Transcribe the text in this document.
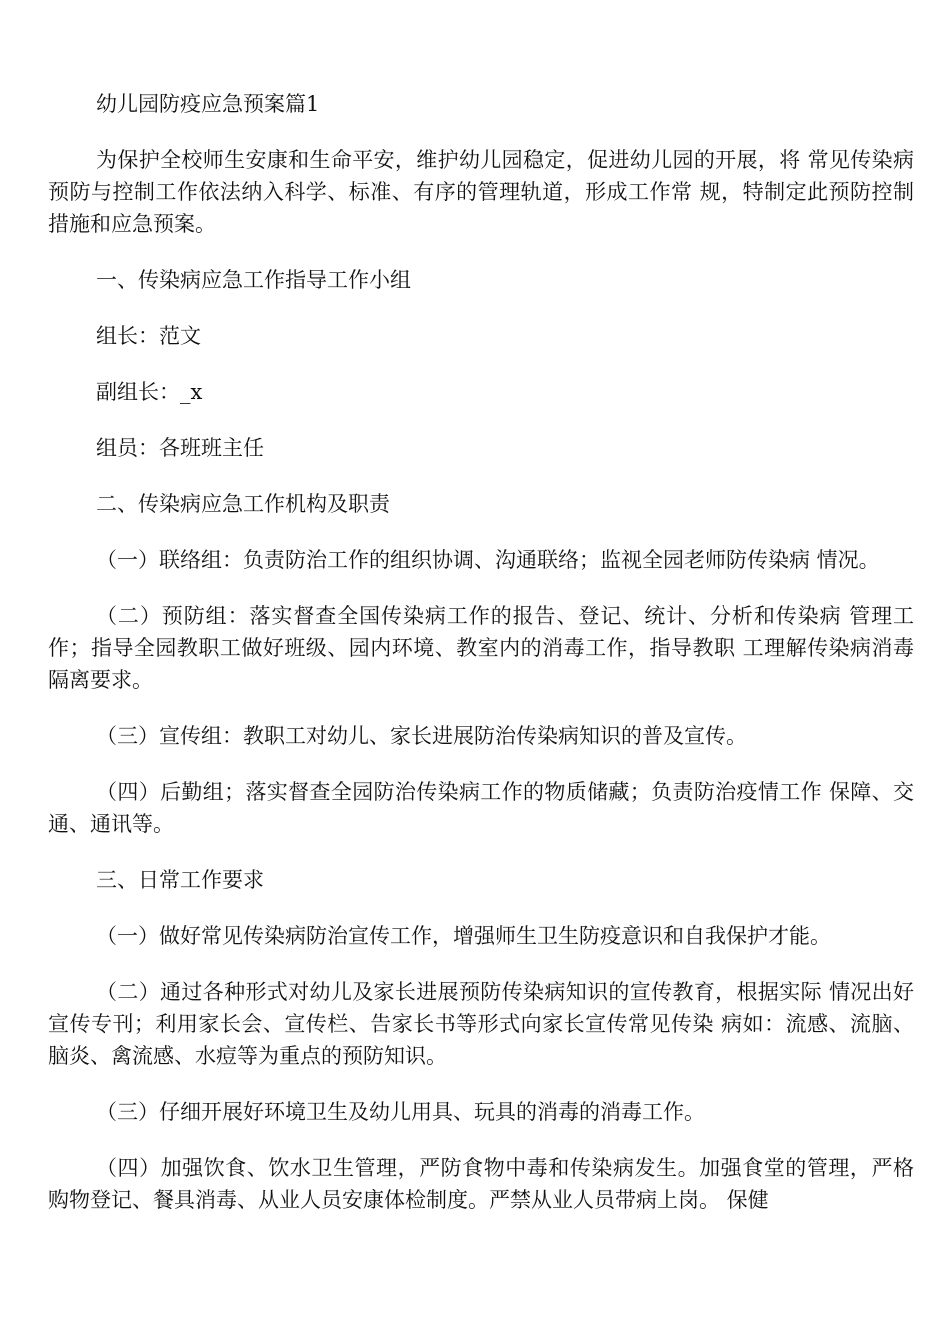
幼儿园防疫应急预案篇1

为保护全校师生安康和生命平安，维护幼儿园稳定，促进幼儿园的开展，将 常见传染病预防与控制工作依法纳入科学、标准、有序的管理轨道，形成工作常 规，特制定此预防控制措施和应急预案。

一、传染病应急工作指导工作小组

组长：范文

副组长：_x

组员：各班班主任

二、传染病应急工作机构及职责

（一）联络组：负责防治工作的组织协调、沟通联络；监视全园老师防传染病 情况。

（二）预防组：落实督查全国传染病工作的报告、登记、统计、分析和传染病 管理工作；指导全园教职工做好班级、园内环境、教室内的消毒工作，指导教职 工理解传染病消毒隔离要求。

（三）宣传组：教职工对幼儿、家长进展防治传染病知识的普及宣传。

（四）后勤组；落实督查全园防治传染病工作的物质储藏；负责防治疫情工作 保障、交通、通讯等。

三、日常工作要求

（一）做好常见传染病防治宣传工作，增强师生卫生防疫意识和自我保护才能。

（二）通过各种形式对幼儿及家长进展预防传染病知识的宣传教育，根据实际 情况出好宣传专刊；利用家长会、宣传栏、告家长书等形式向家长宣传常见传染 病如：流感、流脑、脑炎、禽流感、水痘等为重点的预防知识。

（三）仔细开展好环境卫生及幼儿用具、玩具的消毒的消毒工作。

（四）加强饮食、饮水卫生管理，严防食物中毒和传染病发生。加强食堂的管理，严格购物登记、餐具消毒、从业人员安康体检制度。严禁从业人员带病上岗。 保健
